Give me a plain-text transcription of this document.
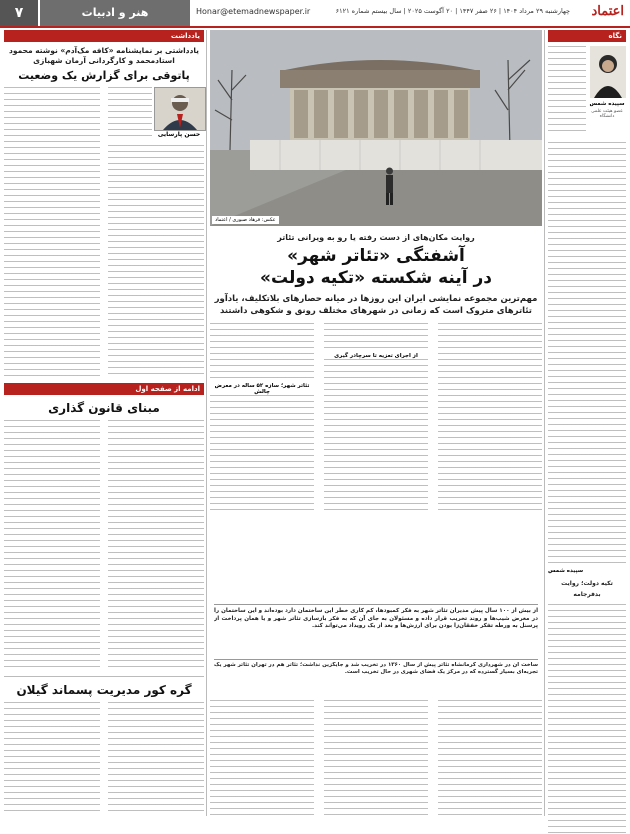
۷	هنر و ادبیات	Honar@etemadnewspaper.ir	چهارشنبه ۲۹ مرداد ۱۴۰۴ | ۲۶ صفر ۱۴۴۷ | ۲۰ آگوست ۲۰۲۵ | سال بیستم شماره ۶۱۲۱ اعتماد
یادداشت
یادداشتی بر نمایشنامه «کافه مک‌آدم» نوشته محمود استادمحمد و کارگردانی آرمان شهبازی
پاتوقی برای گزارش یک وضعیت
حسن پارسایی
ادامه از صفحه اول
مبنای قانون گذاری
گره کور مدیریت پسماند گیلان
عکس: فرهاد صبوری / اعتماد
روایت مکان‌های از دست رفته یا رو به ویرانی تئاتر
آشفتگی «تئاتر شهر»
در آینه شکسته «تکیه دولت»
مهم‌ترین مجموعه نمایشی ایران این روزها در میانه حصارهای بلاتکلیف، یادآور تئاترهای متروک است که زمانی در شهرهای مختلف رونق و شکوهی داشتند
تئاتر شهر؛ سازه ۵۲ ساله در معرض چالش
از اجرای تعزیه تا سرچادر گیری
از بیش از ۱۰۰ سال پیش مدیران تئاتر شهر به فکر کمبودها، کم کاری خطر این ساختمان دارد بوده‌اند و این ساختمان را در معرض شیب‌ها و روند تخریب قرار داده و مسئولان به جای آن که به فکر بازسازی تئاتر شهر و یا همان پرداخت از پرسنل به ورطه تفکر خفقان‌زا بودن برای ارزش‌ها و بعد از یک رویداد می‌تواند کند.
ساخت آن در شهرداری کرمانشاه تئاتر پیش از سال ۱۳۶۰ در تخریب شد و جایگزین نداشت؛ تئاتر هم در تهران تئاتر شهر یک تجربه‌ای بسیار گسترده که در مرکز یک فضای شهری در حال تخریب است.
نگاه
سپیده شمس
عضو هیئت علمی دانشگاه
سپیده شمس
تکیه دولت؛ روایت بدفرجامه
